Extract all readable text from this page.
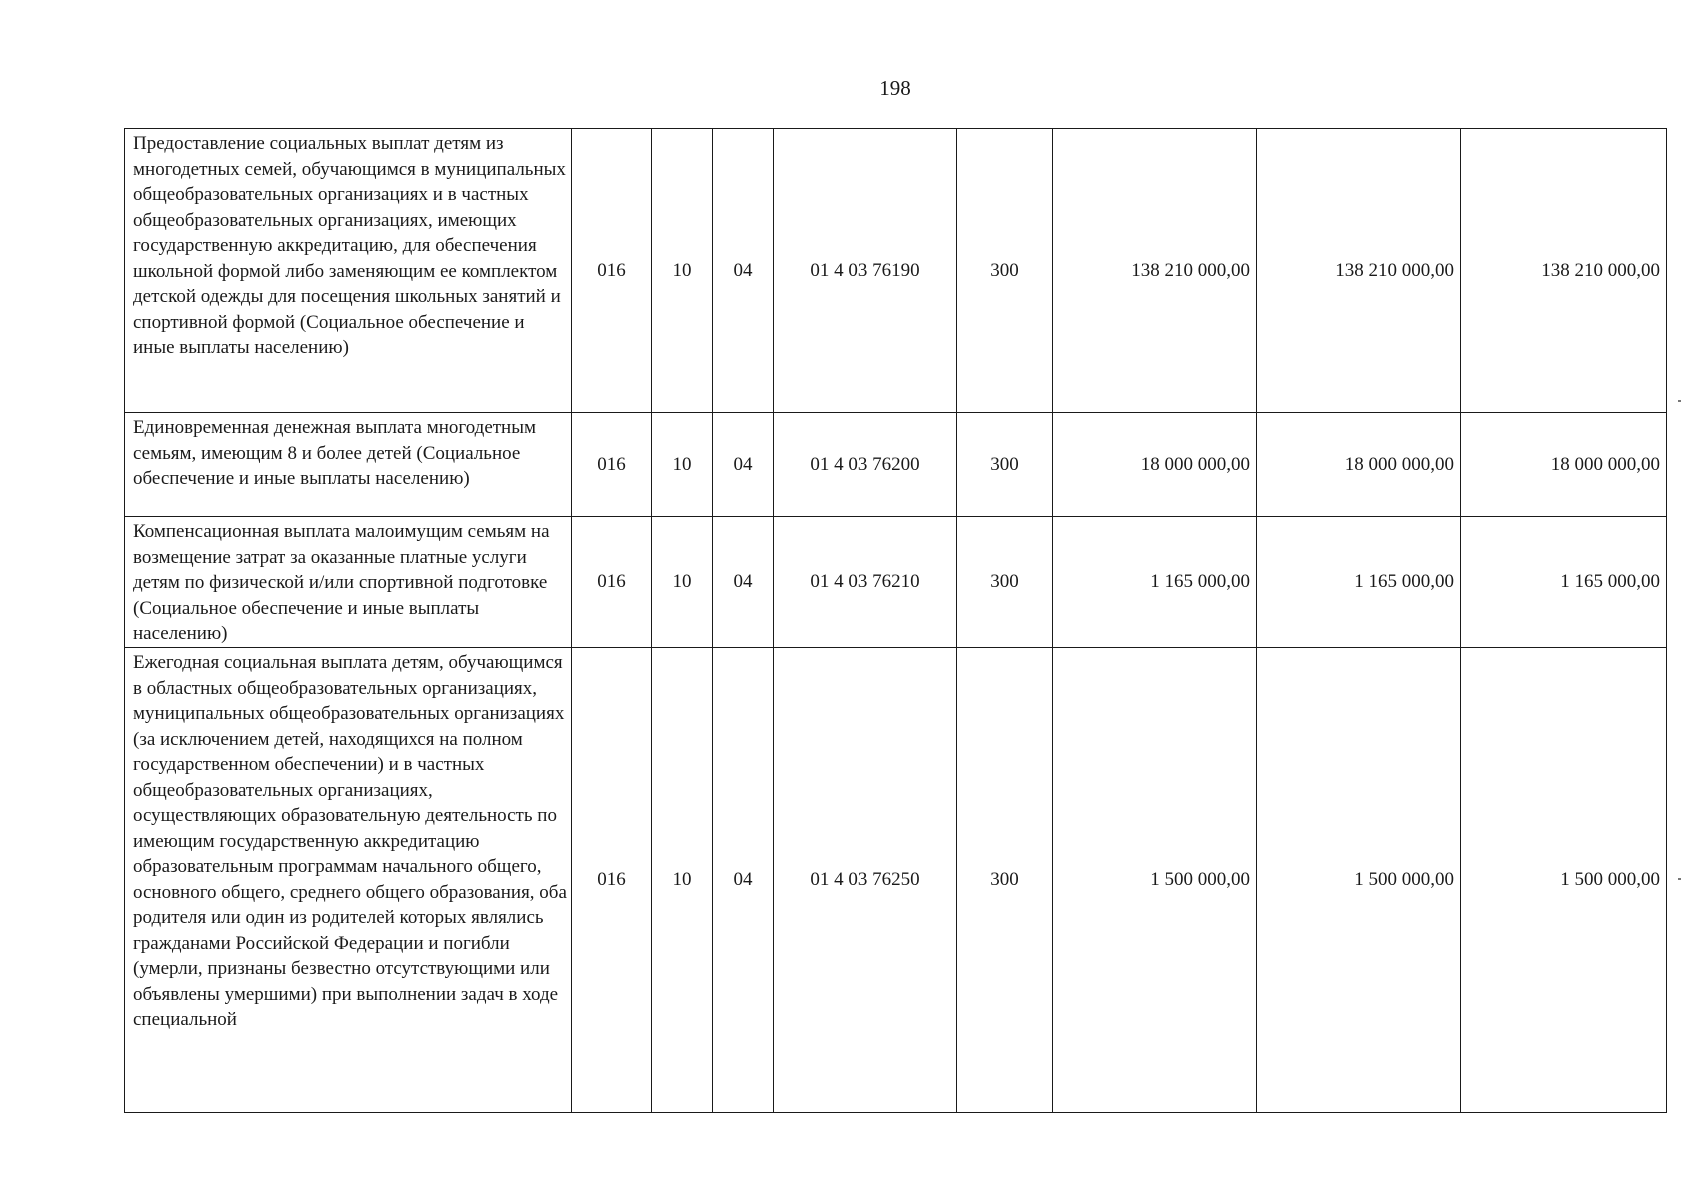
198
Предоставление социальных выплат детям из многодетных семей, обучающимся в муниципальных общеобразовательных организациях и в частных общеобразовательных организациях, имеющих государственную аккредитацию, для обеспечения школьной формой либо заменяющим ее комплектом детской одежды для посещения школьных занятий и спортивной формой (Социальное обеспечение и иные выплаты населению)	016	10	04	01 4 03 76190	300	138 210 000,00	138 210 000,00	138 210 000,00
Единовременная денежная выплата многодетным семьям, имеющим 8 и более детей (Социальное обеспечение и иные выплаты населению)	016	10	04	01 4 03 76200	300	18 000 000,00	18 000 000,00	18 000 000,00
Компенсационная выплата малоимущим семьям на возмещение затрат за оказанные платные услуги детям по физической и/или спортивной подготовке (Социальное обеспечение и иные выплаты населению)	016	10	04	01 4 03 76210	300	1 165 000,00	1 165 000,00	1 165 000,00

Ежегодная социальная выплата детям, обучающимся в областных общеобразовательных организациях, муниципальных общеобразовательных организациях (за исключением детей, находящихся на полном государственном обеспечении) и в частных общеобразовательных организациях, осуществляющих образовательную деятельность по имеющим государственную аккредитацию образовательным программам начального общего, основного общего, среднего общего образования, оба родителя или один из родителей которых являлись гражданами Российской Федерации и погибли (умерли, признаны безвестно отсутствующими или объявлены умершими) при выполнении задач в ходе специальной	016	10	04	01 4 03 76250	300	1 500 000,00	1 500 000,00	1 500 000,00
